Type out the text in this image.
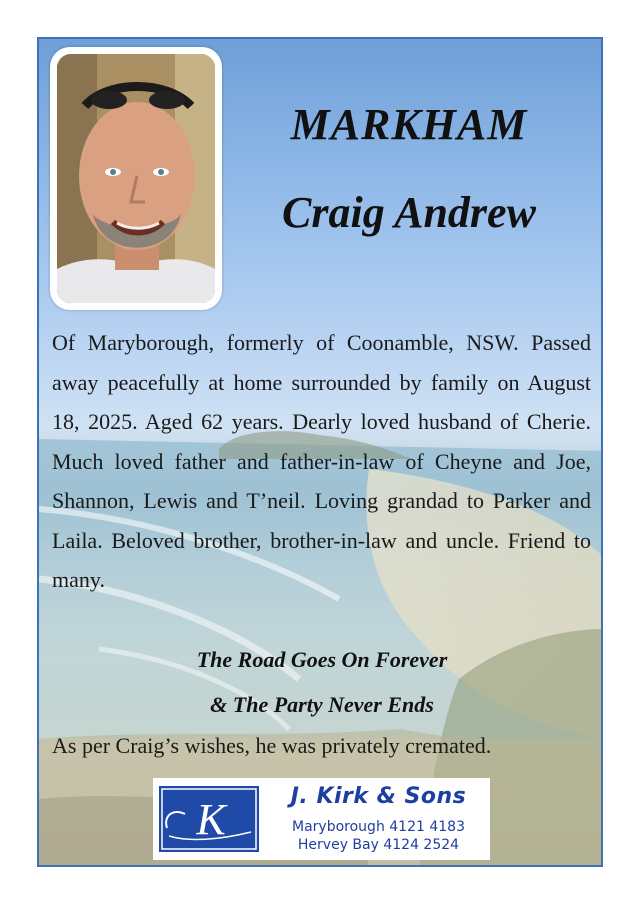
MARKHAM
Craig Andrew
Of Maryborough, formerly of Coonamble, NSW. Passed away peacefully at home surrounded by family on August 18, 2025. Aged 62 years. Dearly loved husband of Cherie. Much loved father and father-in-law of Cheyne and Joe, Shannon, Lewis and T’neil. Loving grandad to Parker and Laila. Beloved brother, brother-in-law and uncle. Friend to many.
The Road Goes On Forever
& The Party Never Ends
As per Craig’s wishes, he was privately cremated.
K	J. Kirk & Sons
Maryborough 4121 4183
Hervey Bay 4124 2524
